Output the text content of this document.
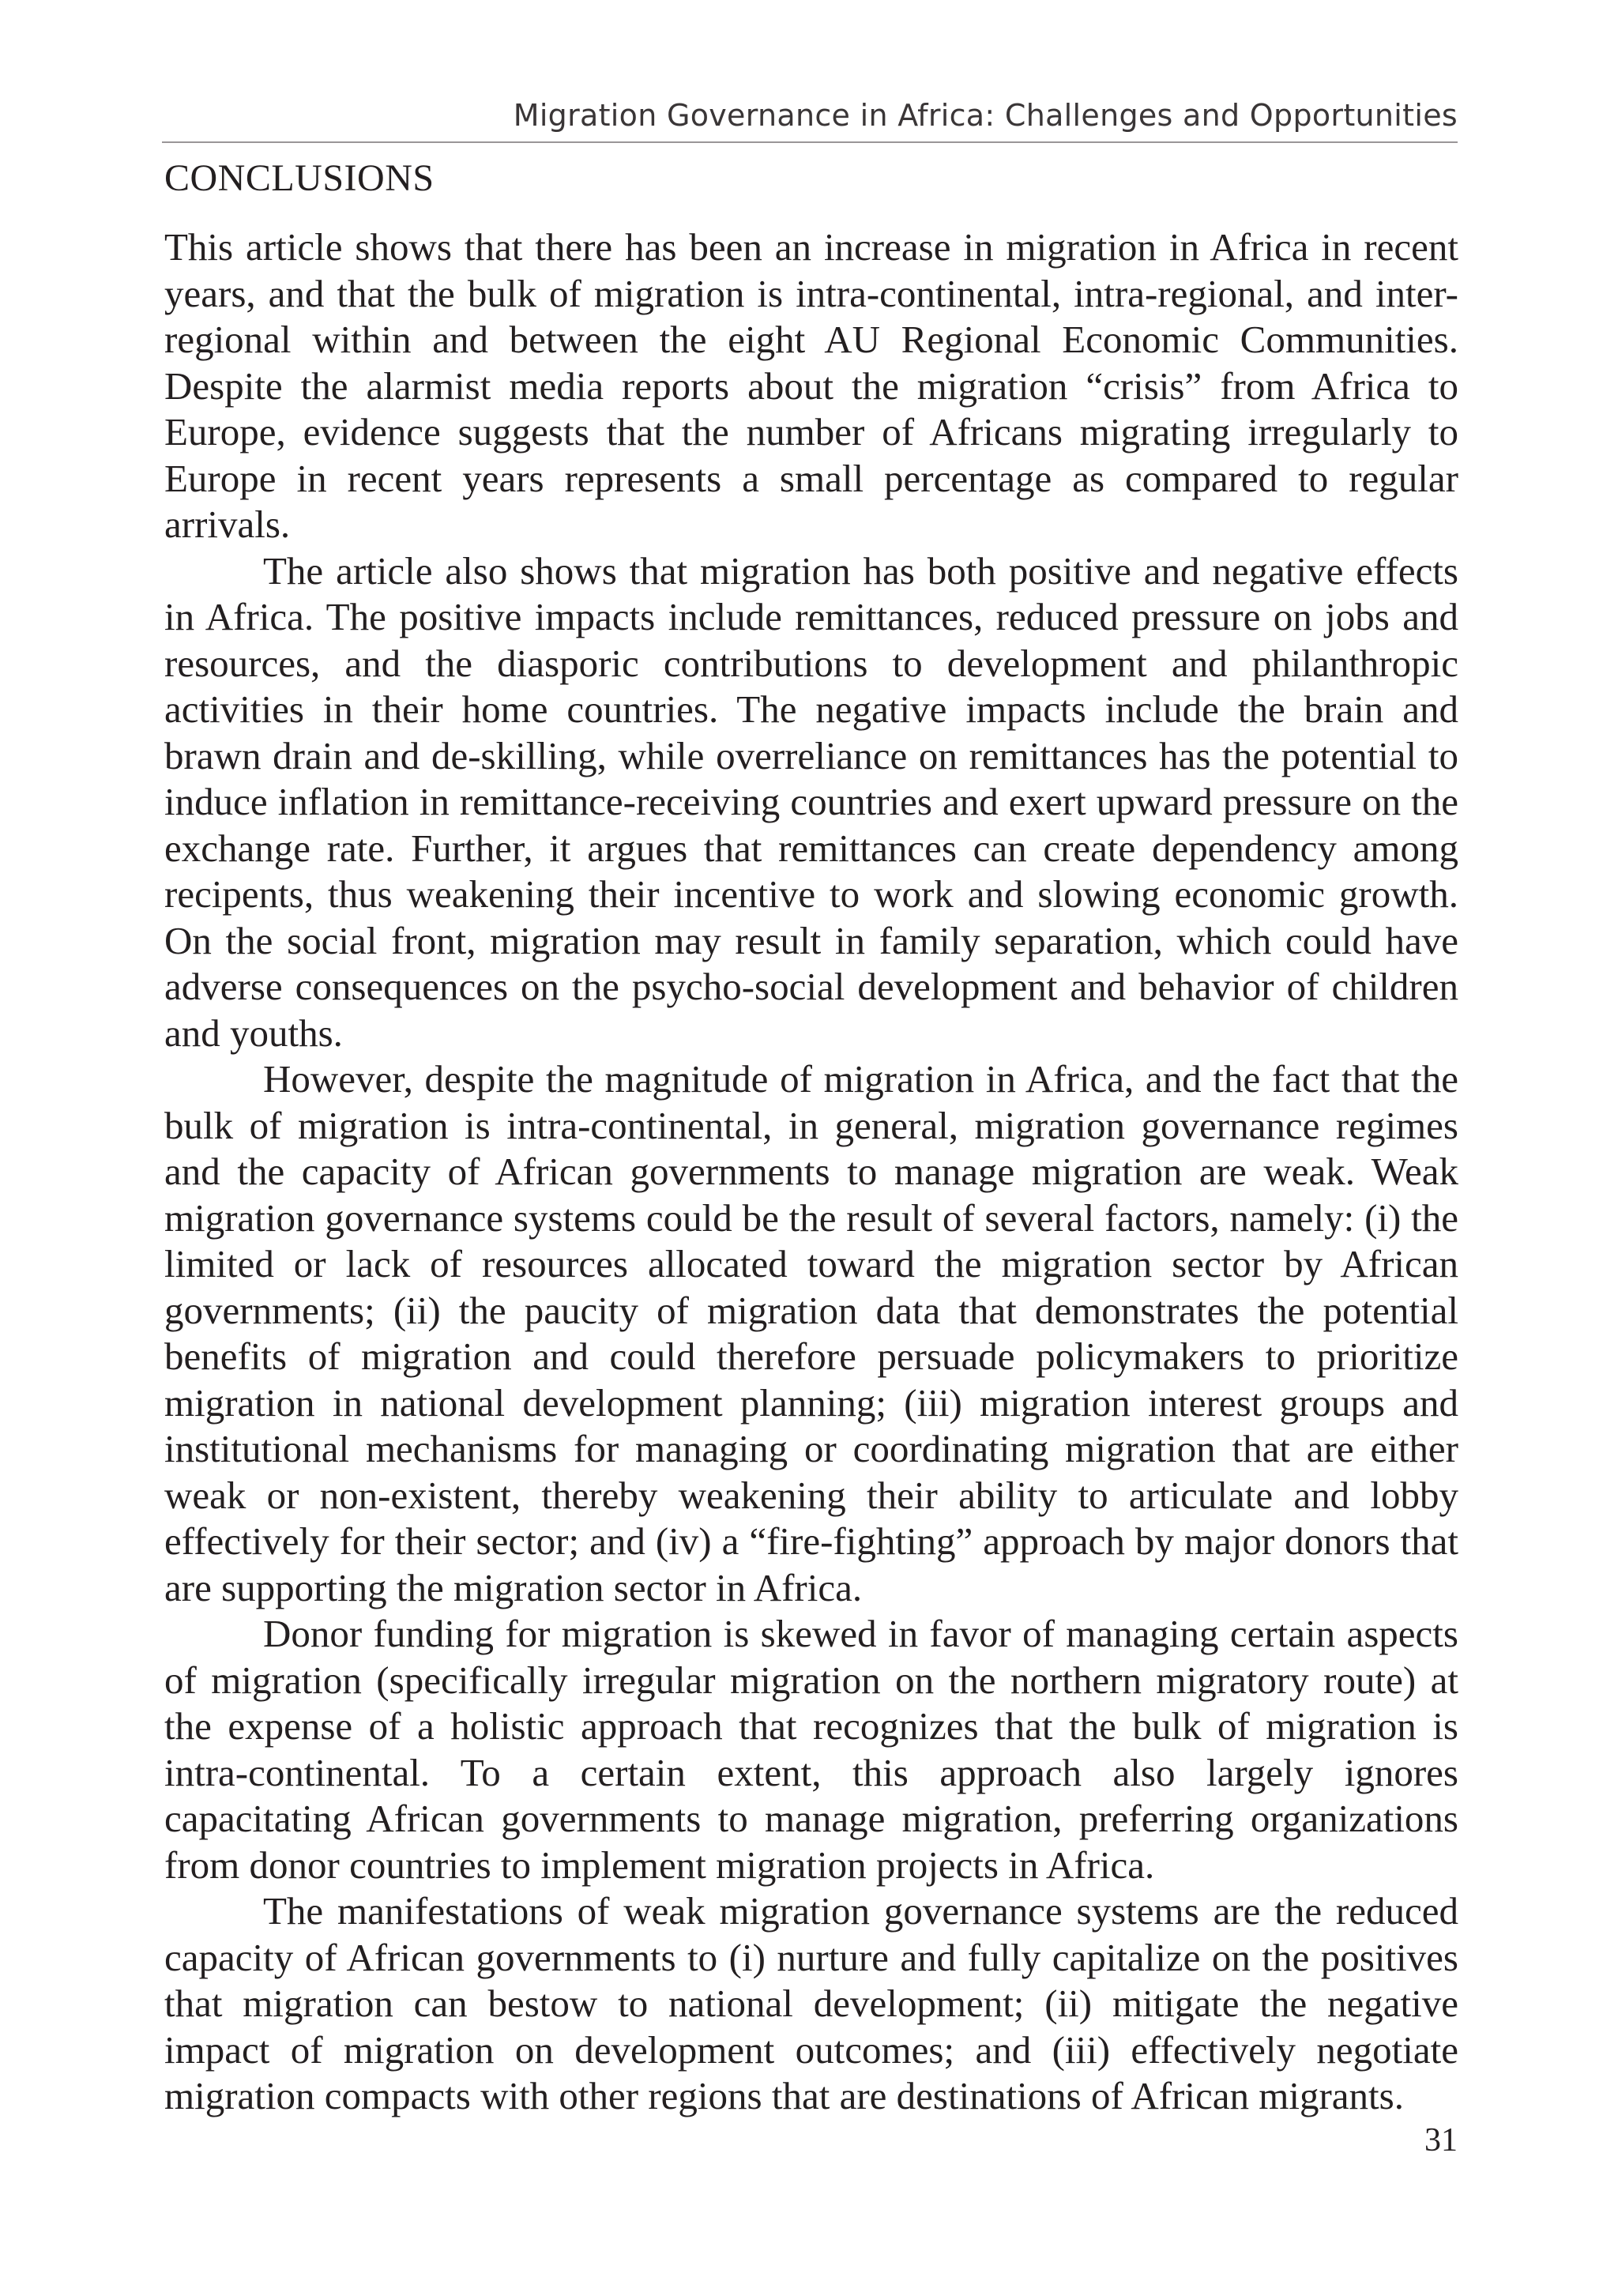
Migration Governance in Africa: Challenges and Opportunities
CONCLUSIONS

This article shows that there has been an increase in migration in Africa in recent years, and that the bulk of migration is intra-continental, intra-regional, and inter-regional within and between the eight AU Regional Economic Communities. Despite the alarmist media reports about the migration “crisis” from Africa to Europe, evidence suggests that the number of Africans migrating irregularly to Europe in recent years represents a small percentage as compared to regular arrivals.

The article also shows that migration has both positive and negative effects in Africa. The positive impacts include remittances, reduced pressure on jobs and resources, and the diasporic contributions to development and philanthropic activities in their home countries. The negative impacts include the brain and brawn drain and de-skilling, while overreliance on remittances has the potential to induce inflation in remittance-receiving countries and exert upward pressure on the exchange rate. Further, it argues that remittances can create dependency among recipents, thus weakening their incentive to work and slowing economic growth. On the social front, migration may result in family separation, which could have adverse consequences on the psycho-social development and behavior of children and youths.

However, despite the magnitude of migration in Africa, and the fact that the bulk of migration is intra-continental, in general, migration governance regimes and the capacity of African governments to manage migration are weak. Weak migration governance systems could be the result of several factors, namely: (i) the limited or lack of resources allocated toward the migration sector by African governments; (ii) the paucity of migration data that demonstrates the potential benefits of migration and could therefore persuade policymakers to prioritize migration in national development planning; (iii) migration interest groups and institutional mechanisms for managing or coordinating migration that are either weak or non-existent, thereby weakening their ability to articulate and lobby effectively for their sector; and (iv) a “fire-fighting” approach by major donors that are supporting the migration sector in Africa.

Donor funding for migration is skewed in favor of managing certain aspects of migration (specifically irregular migration on the northern migratory route) at the expense of a holistic approach that recognizes that the bulk of migration is intra-continental. To a certain extent, this approach also largely ignores capacitating African governments to manage migration, preferring organizations from donor countries to implement migration projects in Africa.

The manifestations of weak migration governance systems are the reduced capacity of African governments to (i) nurture and fully capitalize on the positives that migration can bestow to national development; (ii) mitigate the negative impact of migration on development outcomes; and (iii) effectively negotiate migration compacts with other regions that are destinations of African migrants.

31
